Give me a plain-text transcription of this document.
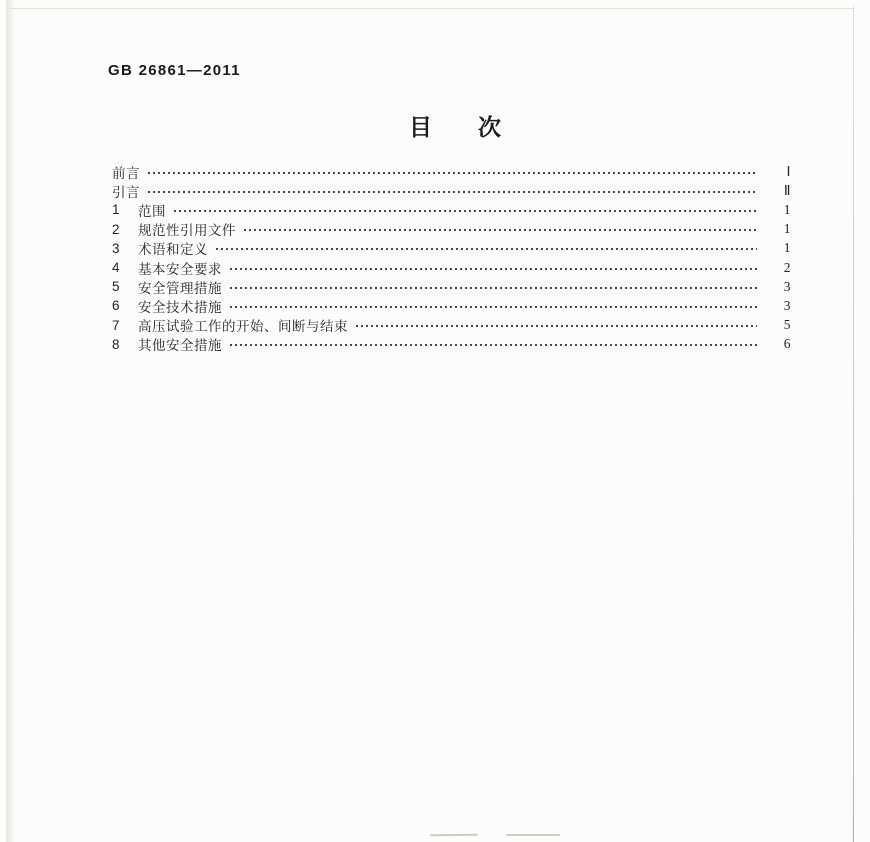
GB 26861—2011
目　　次
前言	Ⅰ
引言	Ⅱ
1	范围	1
2	规范性引用文件	1
3	术语和定义	1
4	基本安全要求	2
5	安全管理措施	3
6	安全技术措施	3
7	高压试验工作的开始、间断与结束	5
8	其他安全措施	6
